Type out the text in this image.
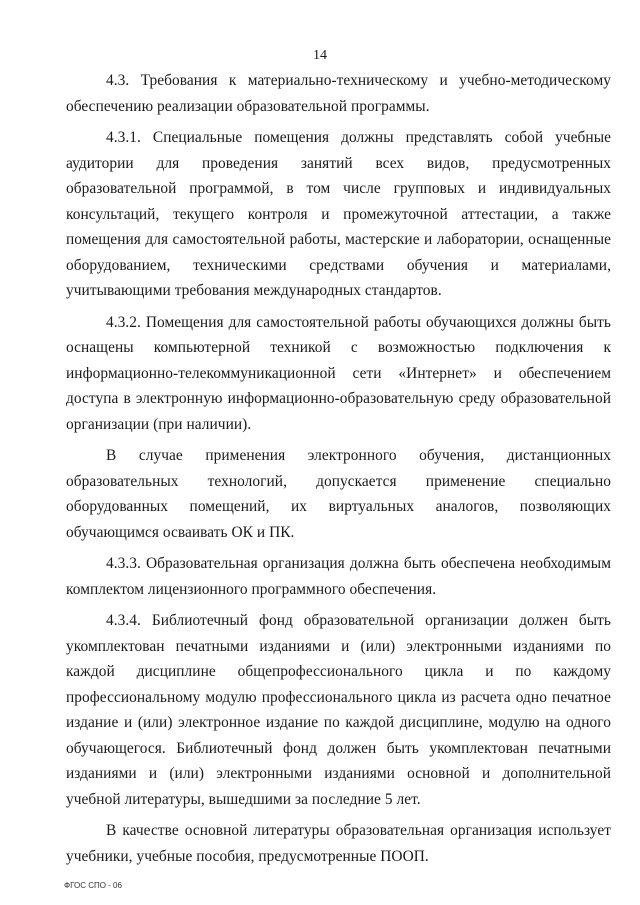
14

4.3. Требования к материально-техническому и учебно-методическому обеспечению реализации образовательной программы.

4.3.1. Специальные помещения должны представлять собой учебные аудитории для проведения занятий всех видов, предусмотренных образовательной программой, в том числе групповых и индивидуальных консультаций, текущего контроля и промежуточной аттестации, а также помещения для самостоятельной работы, мастерские и лаборатории, оснащенные оборудованием, техническими средствами обучения и материалами, учитывающими требования международных стандартов.

4.3.2. Помещения для самостоятельной работы обучающихся должны быть оснащены компьютерной техникой с возможностью подключения к информационно-телекоммуникационной сети «Интернет» и обеспечением доступа в электронную информационно-образовательную среду образовательной организации (при наличии).

В случае применения электронного обучения, дистанционных образовательных технологий, допускается применение специально оборудованных помещений, их виртуальных аналогов, позволяющих обучающимся осваивать ОК и ПК.

4.3.3. Образовательная организация должна быть обеспечена необходимым комплектом лицензионного программного обеспечения.

4.3.4. Библиотечный фонд образовательной организации должен быть укомплектован печатными изданиями и (или) электронными изданиями по каждой дисциплине общепрофессионального цикла и по каждому профессиональному модулю профессионального цикла из расчета одно печатное издание и (или) электронное издание по каждой дисциплине, модулю на одного обучающегося. Библиотечный фонд должен быть укомплектован печатными изданиями и (или) электронными изданиями основной и дополнительной учебной литературы, вышедшими за последние 5 лет.

В качестве основной литературы образовательная организация использует учебники, учебные пособия, предусмотренные ПООП.

ФГОС СПО - 06
